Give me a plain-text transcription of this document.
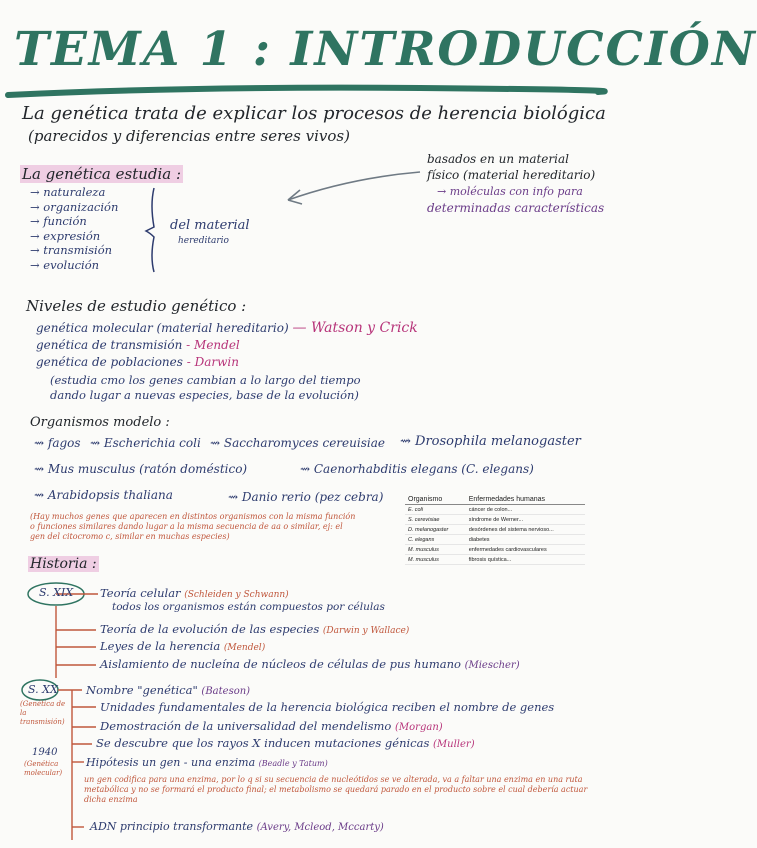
TEMA 1 : INTRODUCCIÓN
La genética trata de explicar los procesos de herencia biológica
(parecidos y diferencias entre seres vivos)
La genética estudia :
→ naturaleza
→ organización
→ función
→ expresión
→ transmisión
→ evolución
del material
hereditario
basados en un material
físico (material hereditario)
→ moléculas con info para
determinadas características
Niveles de estudio genético :
genética molecular (material hereditario) — Watson y Crick
genética de transmisión - Mendel
genética de poblaciones - Darwin
(estudia cmo los genes cambian a lo largo del tiempo
dando lugar a nuevas especies, base de la evolución)
Organismos modelo :
⇝ fagos ⇝ Escherichia coli ⇝ Saccharomyces cereuisiae ⇝ Drosophila melanogaster
⇝ Mus musculus (ratón doméstico)	⇝ Caenorhabditis elegans (C. elegans)
⇝ Arabidopsis thaliana	⇝ Danio rerio (pez cebra)
(Hay muchos genes que aparecen en distintos organismos con la misma función o funciones similares dando lugar a la misma secuencia de aa o similar, ej: el gen del citocromo c, similar en muchas especies)
Organismo	Enfermedades humanas
E. coli	cáncer de colon...
S. cerevisiae	síndrome de Werner...
D. melanogaster	desórdenes del sistema nervioso...
C. elegans	diabetes
M. musculus	enfermedades cardiovasculares
M. musculus	fibrosis quística...
Historia :
S. XIX Teoría celular (Schleiden y Schwann)
todos los organismos están compuestos por células
Teoría de la evolución de las especies (Darwin y Wallace)
Leyes de la herencia (Mendel)
Aislamiento de nucleína de núcleos de células de pus humano (Miescher)
S. XX
(Genética de la transmisión)
1940
(Genética molecular)
Nombre "genética" (Bateson)
Unidades fundamentales de la herencia biológica reciben el nombre de genes
Demostración de la universalidad del mendelismo (Morgan)
Se descubre que los rayos X inducen mutaciones génicas (Muller)
Hipótesis un gen - una enzima (Beadle y Tatum)
un gen codifica para una enzima, por lo q si su secuencia de nucleótidos se ve alterada, va a faltar una enzima en una ruta metabólica y no se formará el producto final; el metabolismo se quedará parado en el producto sobre el cual debería actuar dicha enzima
ADN principio transformante (Avery, Mcleod, Mccarty)
